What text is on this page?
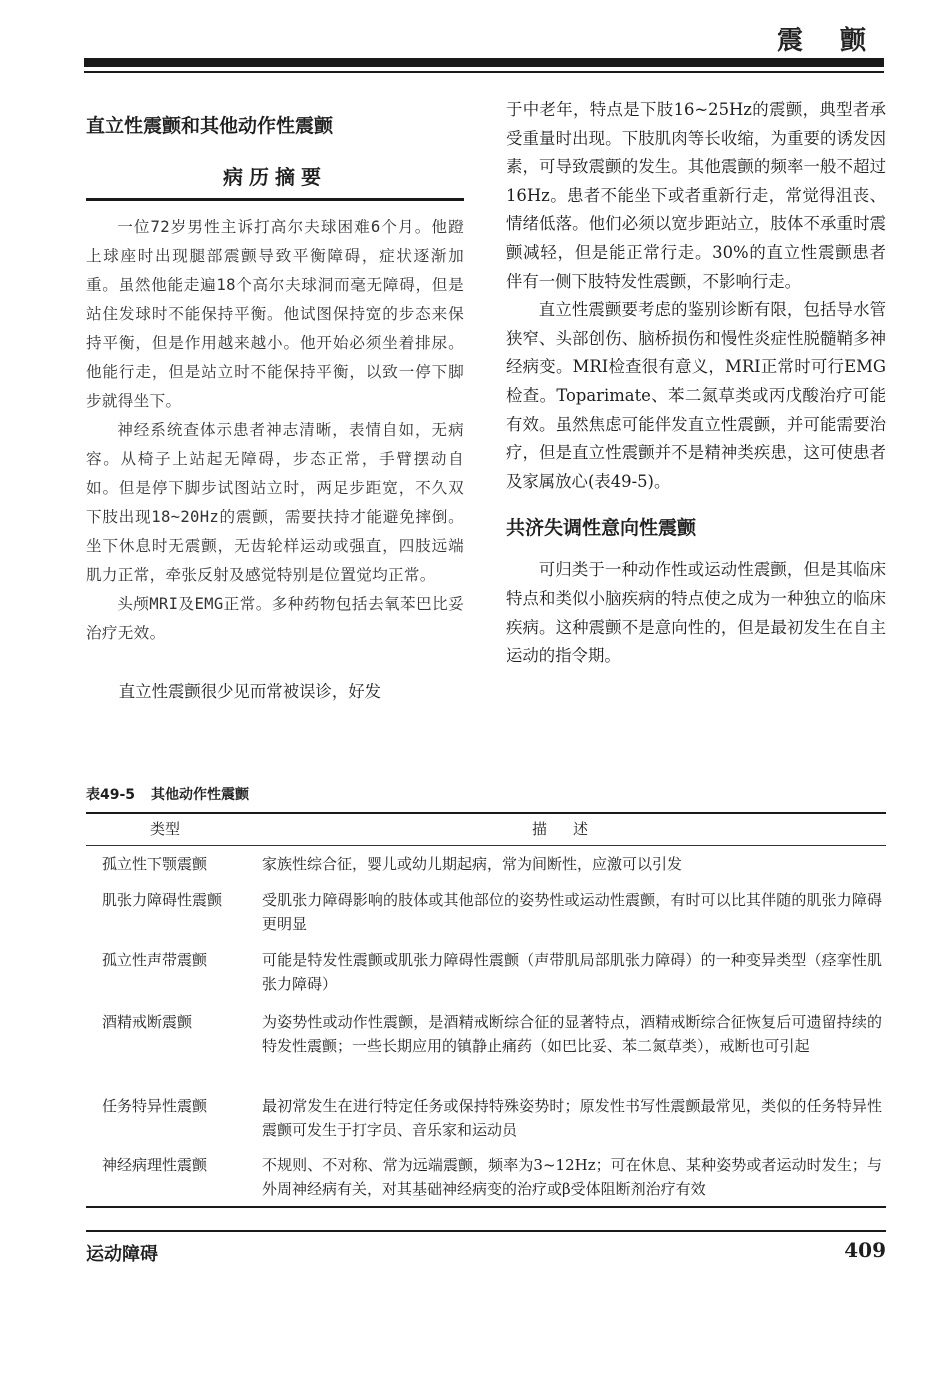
震 颤
直立性震颤和其他动作性震颤
病历摘要

一位72岁男性主诉打高尔夫球困难6个月。他蹬上球座时出现腿部震颤导致平衡障碍，症状逐渐加重。虽然他能走遍18个高尔夫球洞而毫无障碍，但是站住发球时不能保持平衡。他试图保持宽的步态来保持平衡，但是作用越来越小。他开始必须坐着排尿。他能行走，但是站立时不能保持平衡，以致一停下脚步就得坐下。

神经系统查体示患者神志清晰，表情自如，无病容。从椅子上站起无障碍，步态正常，手臂摆动自如。但是停下脚步试图站立时，两足步距宽，不久双下肢出现18~20Hz的震颤，需要扶持才能避免摔倒。坐下休息时无震颤，无齿轮样运动或强直，四肢远端肌力正常，牵张反射及感觉特别是位置觉均正常。

头颅MRI及EMG正常。多种药物包括去氧苯巴比妥治疗无效。

直立性震颤很少见而常被误诊，好发

于中老年，特点是下肢16~25Hz的震颤，典型者承受重量时出现。下肢肌肉等长收缩，为重要的诱发因素，可导致震颤的发生。其他震颤的频率一般不超过16Hz。患者不能坐下或者重新行走，常觉得沮丧、情绪低落。他们必须以宽步距站立，肢体不承重时震颤减轻，但是能正常行走。30%的直立性震颤患者伴有一侧下肢特发性震颤，不影响行走。

直立性震颤要考虑的鉴别诊断有限，包括导水管狭窄、头部创伤、脑桥损伤和慢性炎症性脱髓鞘多神经病变。MRI检查很有意义，MRI正常时可行EMG检查。Toparimate、苯二氮草类或丙戊酸治疗可能有效。虽然焦虑可能伴发直立性震颤，并可能需要治疗，但是直立性震颤并不是精神类疾患，这可使患者及家属放心(表49-5)。

共济失调性意向性震颤

可归类于一种动作性或运动性震颤，但是其临床特点和类似小脑疾病的特点使之成为一种独立的临床疾病。这种震颤不是意向性的，但是最初发生在自主运动的指令期。

表49-5 其他动作性震颤
类型	描述
孤立性下颚震颤	家族性综合征，婴儿或幼儿期起病，常为间断性，应激可以引发
肌张力障碍性震颤	受肌张力障碍影响的肢体或其他部位的姿势性或运动性震颤，有时可以比其伴随的肌张力障碍更明显
孤立性声带震颤	可能是特发性震颤或肌张力障碍性震颤（声带肌局部肌张力障碍）的一种变异类型（痉挛性肌张力障碍）
酒精戒断震颤	为姿势性或动作性震颤，是酒精戒断综合征的显著特点，酒精戒断综合征恢复后可遗留持续的特发性震颤；一些长期应用的镇静止痛药（如巴比妥、苯二氮草类），戒断也可引起
任务特异性震颤	最初常发生在进行特定任务或保持特殊姿势时；原发性书写性震颤最常见，类似的任务特异性震颤可发生于打字员、音乐家和运动员
神经病理性震颤	不规则、不对称、常为远端震颤，频率为3~12Hz；可在休息、某种姿势或者运动时发生；与外周神经病有关，对其基础神经病变的治疗或β受体阻断剂治疗有效
运动障碍	409
